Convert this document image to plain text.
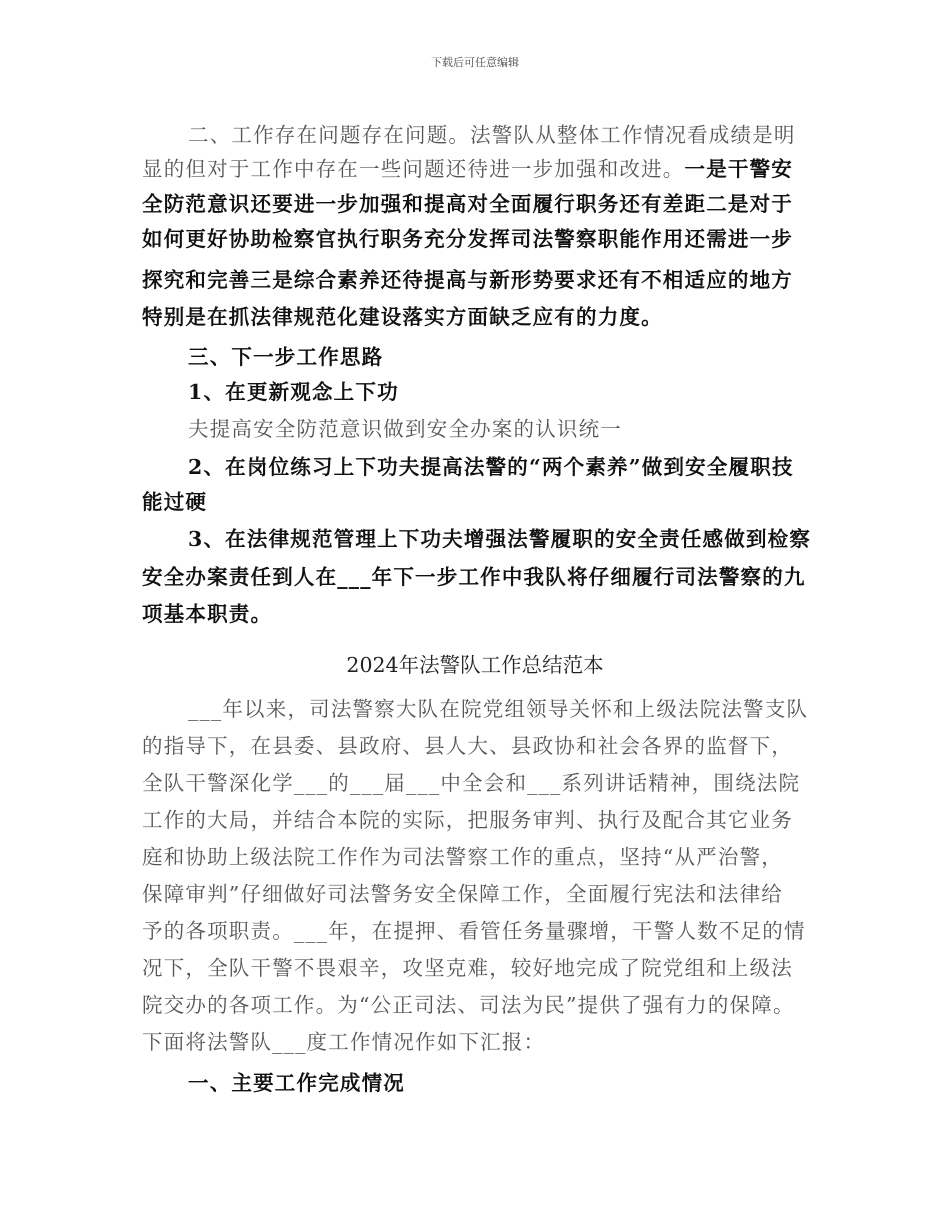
下载后可任意编辑
二、工作存在问题存在问题。法警队从整体工作情况看成绩是明
显的但对于工作中存在一些问题还待进一步加强和改进。一是干警安
全防范意识还要进一步加强和提高对全面履行职务还有差距二是对于
如何更好协助检察官执行职务充分发挥司法警察职能作用还需进一步
探究和完善三是综合素养还待提高与新形势要求还有不相适应的地方
特别是在抓法律规范化建设落实方面缺乏应有的力度。
三、下一步工作思路
1、在更新观念上下功
夫提高安全防范意识做到安全办案的认识统一
2、在岗位练习上下功夫提高法警的“两个素养”做到安全履职技
能过硬
3、在法律规范管理上下功夫增强法警履职的安全责任感做到检察
安全办案责任到人在___年下一步工作中我队将仔细履行司法警察的九
项基本职责。
2024年法警队工作总结范本
___年以来，司法警察大队在院党组领导关怀和上级法院法警支队
的指导下，在县委、县政府、县人大、县政协和社会各界的监督下，
全队干警深化学___的___届___中全会和___系列讲话精神，围绕法院
工作的大局，并结合本院的实际，把服务审判、执行及配合其它业务
庭和协助上级法院工作作为司法警察工作的重点，坚持“从严治警，
保障审判”仔细做好司法警务安全保障工作，全面履行宪法和法律给
予的各项职责。___年，在提押、看管任务量骤增，干警人数不足的情
况下，全队干警不畏艰辛，攻坚克难，较好地完成了院党组和上级法
院交办的各项工作。为“公正司法、司法为民”提供了强有力的保障。
下面将法警队___度工作情况作如下汇报：
一、主要工作完成情况
